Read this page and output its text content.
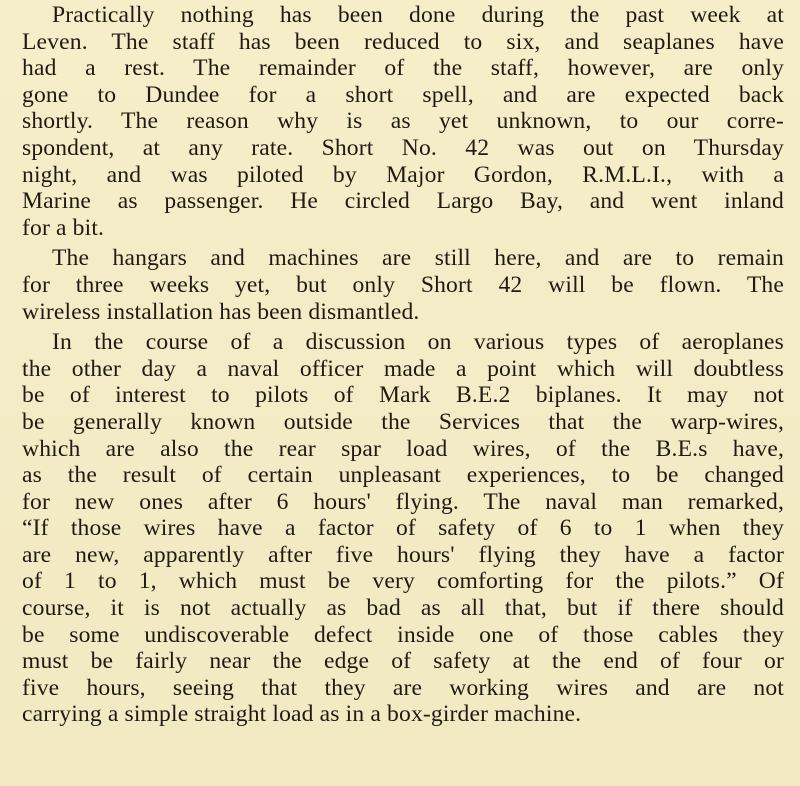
Practically nothing has been done during the past week at
Leven. The staff has been reduced to six, and seaplanes have
had a rest. The remainder of the staff, however, are only
gone to Dundee for a short spell, and are expected back
shortly. The reason why is as yet unknown, to our corre-
spondent, at any rate. Short No. 42 was out on Thursday
night, and was piloted by Major Gordon, R.M.L.I., with a
Marine as passenger. He circled Largo Bay, and went inland
for a bit.

The hangars and machines are still here, and are to remain
for three weeks yet, but only Short 42 will be flown. The
wireless installation has been dismantled.

In the course of a discussion on various types of aeroplanes
the other day a naval officer made a point which will doubtless
be of interest to pilots of Mark B.E.2 biplanes. It may not
be generally known outside the Services that the warp-wires,
which are also the rear spar load wires, of the B.E.s have,
as the result of certain unpleasant experiences, to be changed
for new ones after 6 hours' flying. The naval man remarked,
“If those wires have a factor of safety of 6 to 1 when they
are new, apparently after five hours' flying they have a factor
of 1 to 1, which must be very comforting for the pilots.” Of
course, it is not actually as bad as all that, but if there should
be some undiscoverable defect inside one of those cables they
must be fairly near the edge of safety at the end of four or
five hours, seeing that they are working wires and are not
carrying a simple straight load as in a box-girder machine.
